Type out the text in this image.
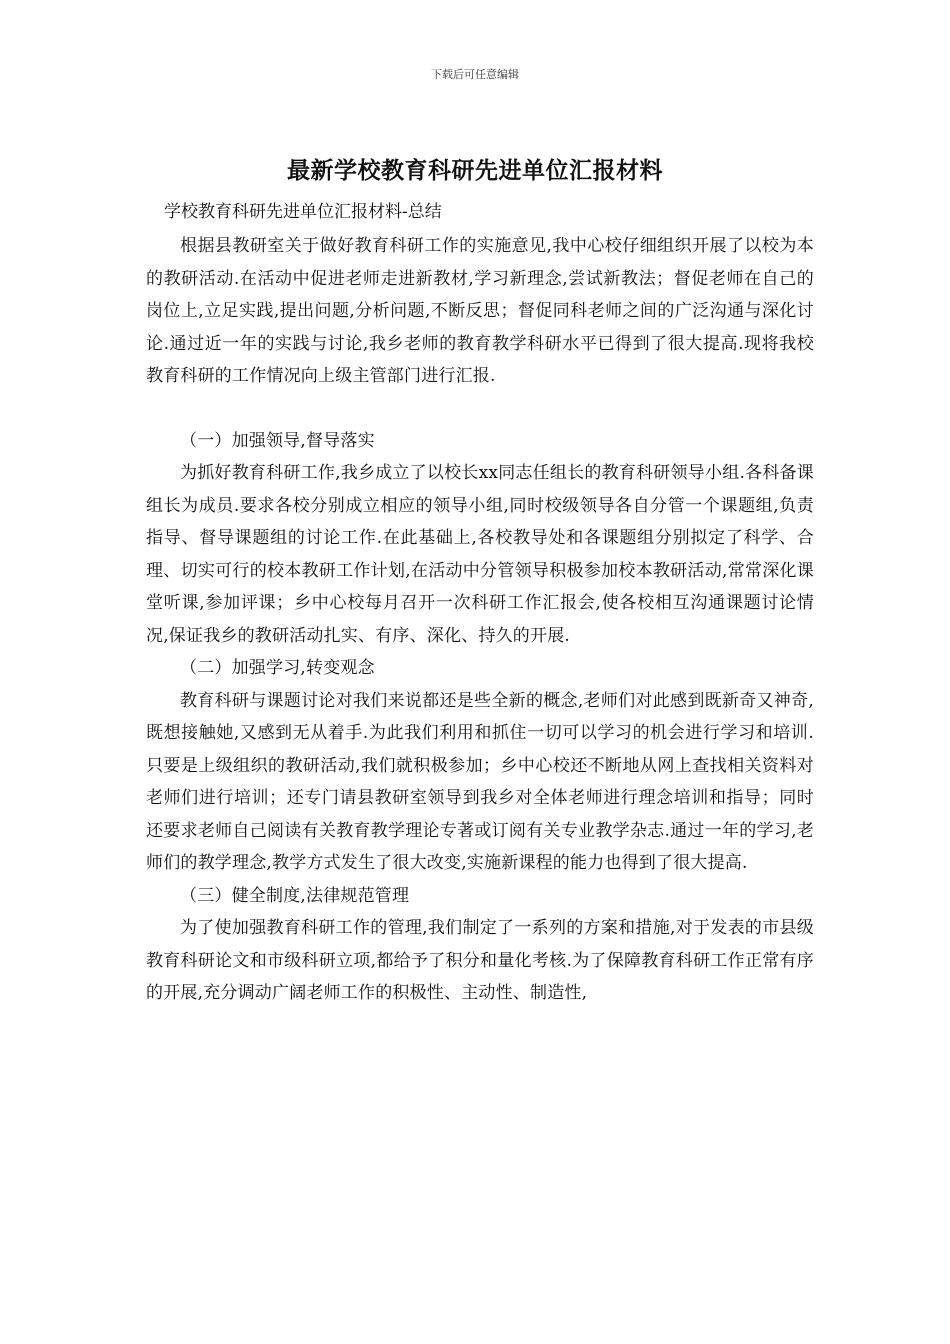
下载后可任意编辑
最新学校教育科研先进单位汇报材料
学校教育科研先进单位汇报材料-总结

根据县教研室关于做好教育科研工作的实施意见,我中心校仔细组织开展了以校为本的教研活动.在活动中促进老师走进新教材,学习新理念,尝试新教法；督促老师在自己的岗位上,立足实践,提出问题,分析问题,不断反思；督促同科老师之间的广泛沟通与深化讨论.通过近一年的实践与讨论,我乡老师的教育教学科研水平已得到了很大提高.现将我校教育科研的工作情况向上级主管部门进行汇报.

（一）加强领导,督导落实

为抓好教育科研工作,我乡成立了以校长xx同志任组长的教育科研领导小组.各科备课组长为成员.要求各校分别成立相应的领导小组,同时校级领导各自分管一个课题组,负责指导、督导课题组的讨论工作.在此基础上,各校教导处和各课题组分别拟定了科学、合理、切实可行的校本教研工作计划,在活动中分管领导积极参加校本教研活动,常常深化课堂听课,参加评课；乡中心校每月召开一次科研工作汇报会,使各校相互沟通课题讨论情况,保证我乡的教研活动扎实、有序、深化、持久的开展.

（二）加强学习,转变观念

教育科研与课题讨论对我们来说都还是些全新的概念,老师们对此感到既新奇又神奇,既想接触她,又感到无从着手.为此我们利用和抓住一切可以学习的机会进行学习和培训.只要是上级组织的教研活动,我们就积极参加；乡中心校还不断地从网上查找相关资料对老师们进行培训；还专门请县教研室领导到我乡对全体老师进行理念培训和指导；同时还要求老师自己阅读有关教育教学理论专著或订阅有关专业教学杂志.通过一年的学习,老师们的教学理念,教学方式发生了很大改变,实施新课程的能力也得到了很大提高.

（三）健全制度,法律规范管理

为了使加强教育科研工作的管理,我们制定了一系列的方案和措施,对于发表的市县级教育科研论文和市级科研立项,都给予了积分和量化考核.为了保障教育科研工作正常有序的开展,充分调动广阔老师工作的积极性、主动性、制造性,
